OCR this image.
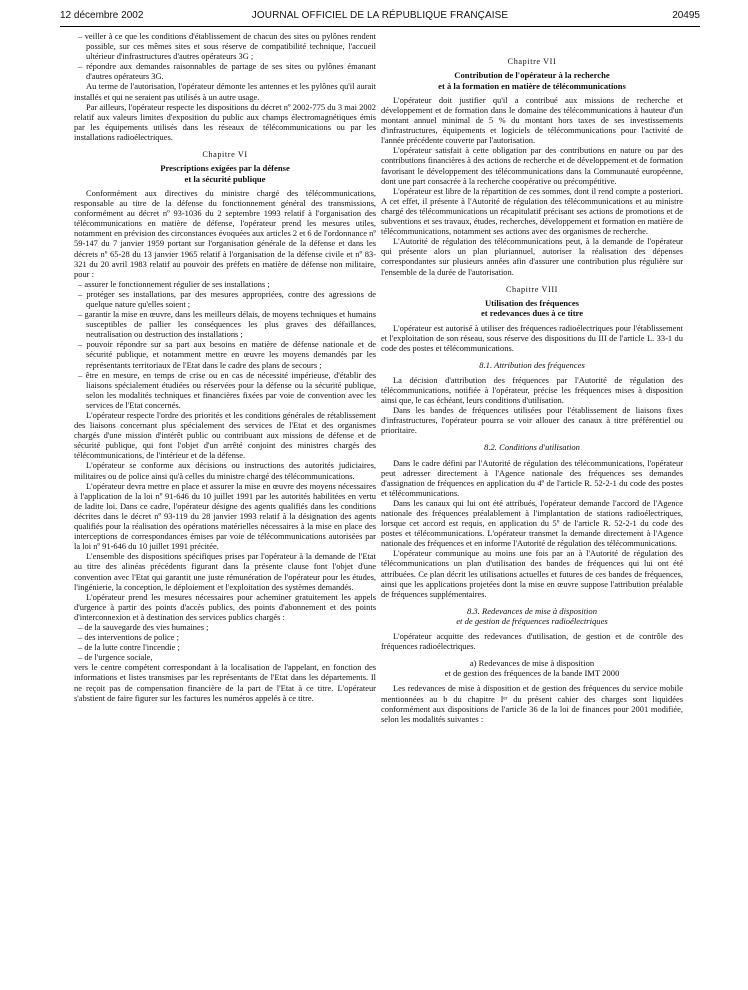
12 décembre 2002	JOURNAL OFFICIEL DE LA RÉPUBLIQUE FRANÇAISE	20495
– veiller à ce que les conditions d'établissement de chacun des sites ou pylônes rendent possible, sur ces mêmes sites et sous réserve de compatibilité technique, l'accueil ultérieur d'infrastructures d'autres opérateurs 3G ;
– répondre aux demandes raisonnables de partage de ses sites ou pylônes émanant d'autres opérateurs 3G.

Au terme de l'autorisation, l'opérateur démonte les antennes et les pylônes qu'il aurait installés et qui ne seraient pas utilisés à un autre usage.

Par ailleurs, l'opérateur respecte les dispositions du décret nº 2002-775 du 3 mai 2002 relatif aux valeurs limites d'exposition du public aux champs électromagnétiques émis par les équipements utilisés dans les réseaux de télécommunications ou par les installations radioélectriques.

Chapitre VI
Prescriptions exigées par la défense
et la sécurité publique

Conformément aux directives du ministre chargé des télécommunications, responsable au titre de la défense du fonctionnement général des transmissions, conformément au décret nº 93-1036 du 2 septembre 1993 relatif à l'organisation des télécommunications en matière de défense, l'opérateur prend les mesures utiles, notamment en prévision des circonstances évoquées aux articles 2 et 6 de l'ordonnance nº 59-147 du 7 janvier 1959 portant sur l'organisation générale de la défense et dans les décrets nº 65-28 du 13 janvier 1965 relatif à l'organisation de la défense civile et nº 83-321 du 20 avril 1983 relatif au pouvoir des préfets en matière de défense non militaire, pour :

– assurer le fonctionnement régulier de ses installations ;
– protéger ses installations, par des mesures appropriées, contre des agressions de quelque nature qu'elles soient ;
– garantir la mise en œuvre, dans les meilleurs délais, de moyens techniques et humains susceptibles de pallier les conséquences les plus graves des défaillances, neutralisation ou destruction des installations ;
– pouvoir répondre sur sa part aux besoins en matière de défense nationale et de sécurité publique, et notamment mettre en œuvre les moyens demandés par les représentants territoriaux de l'Etat dans le cadre des plans de secours ;
– être en mesure, en temps de crise ou en cas de nécessité impérieuse, d'établir des liaisons spécialement étudiées ou réservées pour la défense ou la sécurité publique, selon les modalités techniques et financières fixées par voie de convention avec les services de l'Etat concernés.

L'opérateur respecte l'ordre des priorités et les conditions générales de rétablissement des liaisons concernant plus spécialement des services de l'Etat et des organismes chargés d'une mission d'intérêt public ou contribuant aux missions de défense et de sécurité publique, qui font l'objet d'un arrêté conjoint des ministres chargés des télécommunications, de l'intérieur et de la défense.

L'opérateur se conforme aux décisions ou instructions des autorités judiciaires, militaires ou de police ainsi qu'à celles du ministre chargé des télécommunications.

L'opérateur devra mettre en place et assurer la mise en œuvre des moyens nécessaires à l'application de la loi nº 91-646 du 10 juillet 1991 par les autorités habilitées en vertu de ladite loi. Dans ce cadre, l'opérateur désigne des agents qualifiés dans les conditions décrites dans le décret nº 93-119 du 28 janvier 1993 relatif à la désignation des agents qualifiés pour la réalisation des opérations matérielles nécessaires à la mise en place des interceptions de correspondances émises par voie de télécommunications autorisées par la loi nº 91-646 du 10 juillet 1991 précitée.

L'ensemble des dispositions spécifiques prises par l'opérateur à la demande de l'Etat au titre des alinéas précédents figurant dans la présente clause font l'objet d'une convention avec l'Etat qui garantit une juste rémunération de l'opérateur pour les études, l'ingénierie, la conception, le déploiement et l'exploitation des systèmes demandés.

L'opérateur prend les mesures nécessaires pour acheminer gratuitement les appels d'urgence à partir des points d'accès publics, des points d'abonnement et des points d'interconnexion et à destination des services publics chargés :

– de la sauvegarde des vies humaines ;
– des interventions de police ;
– de la lutte contre l'incendie ;
– de l'urgence sociale,

vers le centre compétent correspondant à la localisation de l'appelant, en fonction des informations et listes transmises par les représentants de l'Etat dans les départements. Il ne reçoit pas de compensation financière de la part de l'Etat à ce titre. L'opérateur s'abstient de faire figurer sur les factures les numéros appelés à ce titre.

Chapitre VII
Contribution de l'opérateur à la recherche
et à la formation en matière de télécommunications

L'opérateur doit justifier qu'il a contribué aux missions de recherche et développement et de formation dans le domaine des télécommunications à hauteur d'un montant annuel minimal de 5 % du montant hors taxes de ses investissements d'infrastructures, équipements et logiciels de télécommunications pour l'activité de l'année précédente couverte par l'autorisation.

L'opérateur satisfait à cette obligation par des contributions en nature ou par des contributions financières à des actions de recherche et de développement et de formation favorisant le développement des télécommunications dans la Communauté européenne, dont une part consacrée à la recherche coopérative ou précompétitive.

L'opérateur est libre de la répartition de ces sommes, dont il rend compte a posteriori. A cet effet, il présente à l'Autorité de régulation des télécommunications et au ministre chargé des télécommunications un récapitulatif précisant ses actions de promotions et de subventions et ses travaux, études, recherches, développement et formation en matière de télécommunications, notamment ses actions avec des organismes de recherche.

L'Autorité de régulation des télécommunications peut, à la demande de l'opérateur qui présente alors un plan pluriannuel, autoriser la réalisation des dépenses correspondantes sur plusieurs années afin d'assurer une contribution plus régulière sur l'ensemble de la durée de l'autorisation.

Chapitre VIII
Utilisation des fréquences
et redevances dues à ce titre

L'opérateur est autorisé à utiliser des fréquences radioélectriques pour l'établissement et l'exploitation de son réseau, sous réserve des dispositions du III de l'article L. 33-1 du code des postes et télécommunications.

8.1. Attribution des fréquences

La décision d'attribution des fréquences par l'Autorité de régulation des télécommunications, notifiée à l'opérateur, précise les fréquences mises à disposition ainsi que, le cas échéant, leurs conditions d'utilisation.

Dans les bandes de fréquences utilisées pour l'établissement de liaisons fixes d'infrastructures, l'opérateur pourra se voir allouer des canaux à titre préférentiel ou prioritaire.

8.2. Conditions d'utilisation

Dans le cadre défini par l'Autorité de régulation des télécommunications, l'opérateur peut adresser directement à l'Agence nationale des fréquences ses demandes d'assignation de fréquences en application du 4º de l'article R. 52-2-1 du code des postes et télécommunications.

Dans les canaux qui lui ont été attribués, l'opérateur demande l'accord de l'Agence nationale des fréquences préalablement à l'implantation de stations radioélectriques, lorsque cet accord est requis, en application du 5º de l'article R. 52-2-1 du code des postes et télécommunications. L'opérateur transmet la demande directement à l'Agence nationale des fréquences et en informe l'Autorité de régulation des télécommunications.

L'opérateur communique au moins une fois par an à l'Autorité de régulation des télécommunications un plan d'utilisation des bandes de fréquences qui lui ont été attribuées. Ce plan décrit les utilisations actuelles et futures de ces bandes de fréquences, ainsi que les applications projetées dont la mise en œuvre suppose l'attribution préalable de fréquences supplémentaires.

8.3. Redevances de mise à disposition
et de gestion de fréquences radioélectriques

L'opérateur acquitte des redevances d'utilisation, de gestion et de contrôle des fréquences radioélectriques.

a) Redevances de mise à disposition
et de gestion des fréquences de la bande IMT 2000

Les redevances de mise à disposition et de gestion des fréquences du service mobile mentionnées au b du chapitre Iᵉʳ du présent cahier des charges sont liquidées conformément aux dispositions de l'article 36 de la loi de finances pour 2001 modifiée, selon les modalités suivantes :
